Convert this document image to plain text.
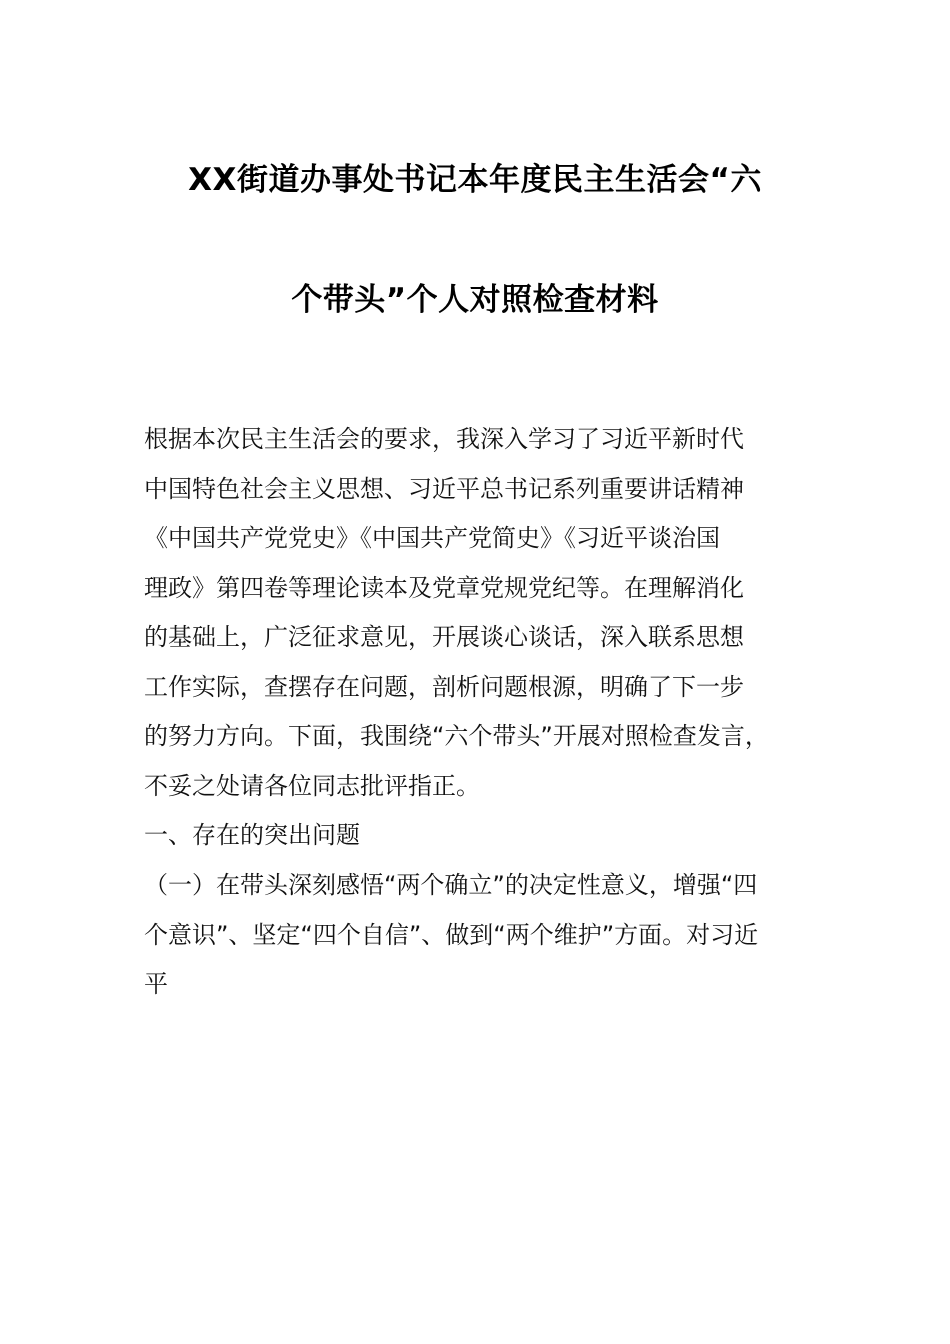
XX街道办事处书记本年度民主生活会“六
个带头”个人对照检查材料
根据本次民主生活会的要求，我深入学习了习近平新时代
中国特色社会主义思想、习近平总书记系列重要讲话精神
《中国共产党党史》《中国共产党简史》《习近平谈治国
理政》第四卷等理论读本及党章党规党纪等。在理解消化
的基础上，广泛征求意见，开展谈心谈话，深入联系思想
工作实际，查摆存在问题，剖析问题根源，明确了下一步
的努力方向。下面，我围绕“六个带头”开展对照检查发言，
不妥之处请各位同志批评指正。
一、存在的突出问题
（一）在带头深刻感悟“两个确立”的决定性意义，增强“四
个意识”、坚定“四个自信”、做到“两个维护”方面。对习近
平
